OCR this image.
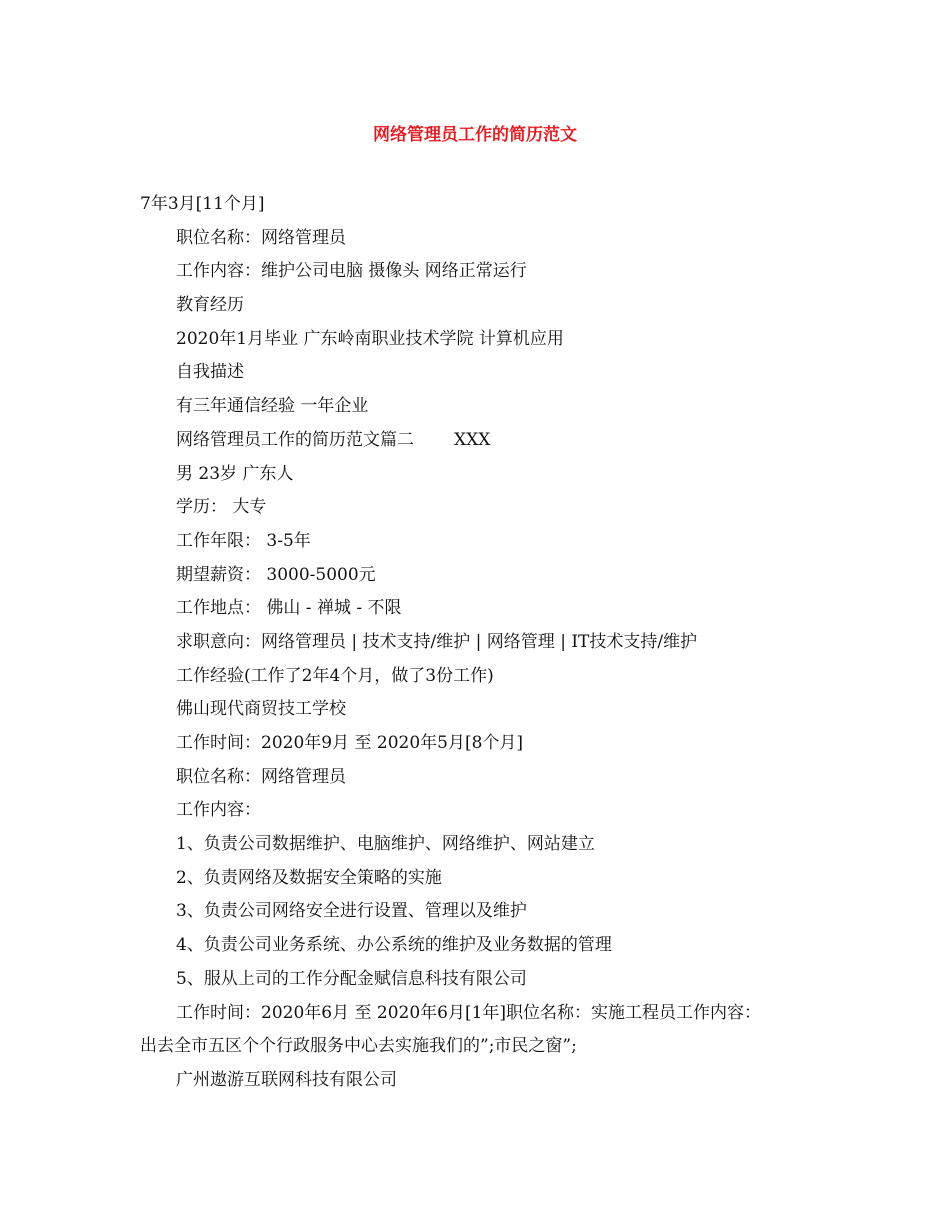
网络管理员工作的简历范文
7年3月[11个月]
职位名称：网络管理员
工作内容：维护公司电脑 摄像头 网络正常运行
教育经历
2020年1月毕业 广东岭南职业技术学院 计算机应用
自我描述
有三年通信经验 一年企业
网络管理员工作的简历范文篇二 XXX
男 23岁 广东人
学历： 大专
工作年限： 3-5年
期望薪资： 3000-5000元
工作地点： 佛山 - 禅城 - 不限
求职意向：网络管理员 | 技术支持/维护 | 网络管理 | IT技术支持/维护
工作经验(工作了2年4个月，做了3份工作)
佛山现代商贸技工学校
工作时间：2020年9月 至 2020年5月[8个月]
职位名称：网络管理员
工作内容：
1、负责公司数据维护、电脑维护、网络维护、网站建立
2、负责网络及数据安全策略的实施
3、负责公司网络安全进行设置、管理以及维护
4、负责公司业务系统、办公系统的维护及业务数据的管理
5、服从上司的工作分配金赋信息科技有限公司
工作时间：2020年6月 至 2020年6月[1年]职位名称：实施工程员工作内容：
出去全市五区个个行政服务中心去实施我们的”;市民之窗”;
广州遨游互联网科技有限公司
